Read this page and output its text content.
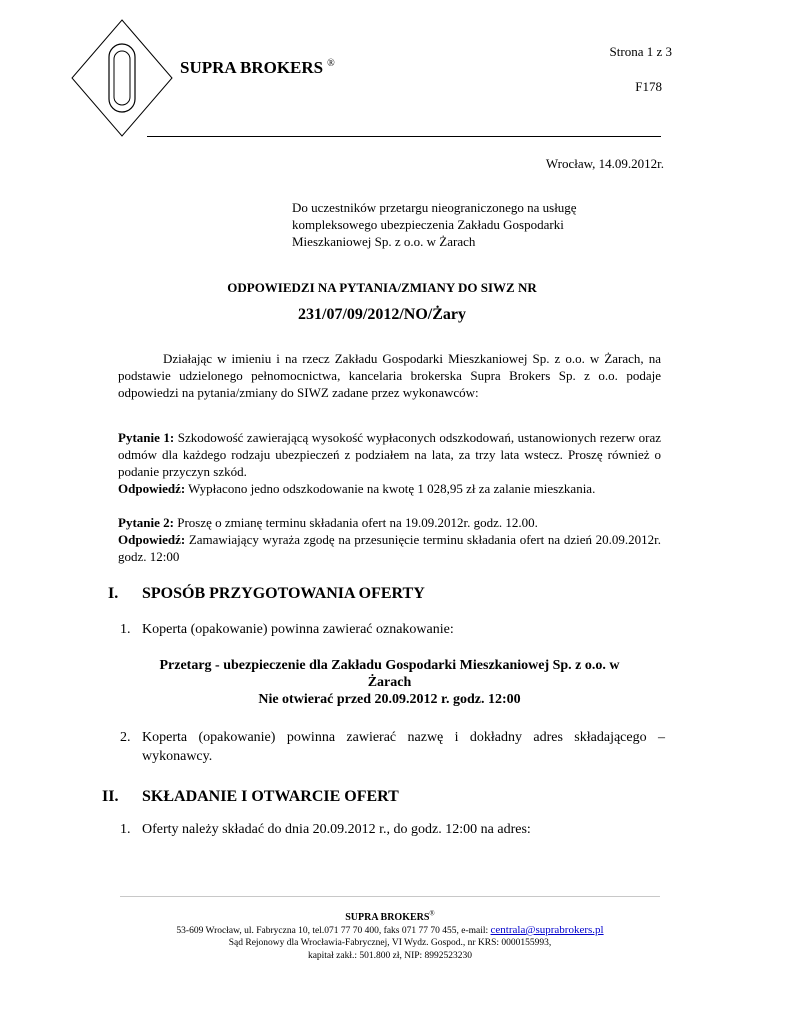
SUPRA BROKERS ®
Strona 1 z 3
F178
Wrocław, 14.09.2012r.
Do uczestników przetargu nieograniczonego na usługę
kompleksowego ubezpieczenia Zakładu Gospodarki
Mieszkaniowej Sp. z o.o. w Żarach
ODPOWIEDZI NA PYTANIA/ZMIANY DO SIWZ NR
231/07/09/2012/NO/Żary

Działając w imieniu i na rzecz Zakładu Gospodarki Mieszkaniowej Sp. z o.o. w Żarach, na podstawie udzielonego pełnomocnictwa, kancelaria brokerska Supra Brokers Sp. z o.o. podaje odpowiedzi na pytania/zmiany do SIWZ zadane przez wykonawców:

Pytanie 1: Szkodowość zawierającą wysokość wypłaconych odszkodowań, ustanowionych rezerw oraz odmów dla każdego rodzaju ubezpieczeń z podziałem na lata, za trzy lata wstecz. Proszę również o podanie przyczyn szkód.

Odpowiedź: Wypłacono jedno odszkodowanie na kwotę 1 028,95 zł za zalanie mieszkania.

Pytanie 2: Proszę o zmianę terminu składania ofert na 19.09.2012r. godz. 12.00.

Odpowiedź: Zamawiający wyraża zgodę na przesunięcie terminu składania ofert na dzień 20.09.2012r. godz. 12:00

I. SPOSÓB PRZYGOTOWANIA OFERTY
1. Koperta (opakowanie) powinna zawierać oznakowanie:
Przetarg - ubezpieczenie dla Zakładu Gospodarki Mieszkaniowej Sp. z o.o. w
Żarach
Nie otwierać przed 20.09.2012 r. godz. 12:00
2. Koperta (opakowanie) powinna zawierać nazwę i dokładny adres składającego – wykonawcy.
II. SKŁADANIE I OTWARCIE OFERT
1. Oferty należy składać do dnia 20.09.2012 r., do godz. 12:00 na adres:
SUPRA BROKERS®
53-609 Wrocław, ul. Fabryczna 10, tel.071 77 70 400, faks 071 77 70 455, e-mail: centrala@suprabrokers.pl
Sąd Rejonowy dla Wrocławia-Fabrycznej, VI Wydz. Gospod., nr KRS: 0000155993,
kapitał zakł.: 501.800 zł, NIP: 8992523230
